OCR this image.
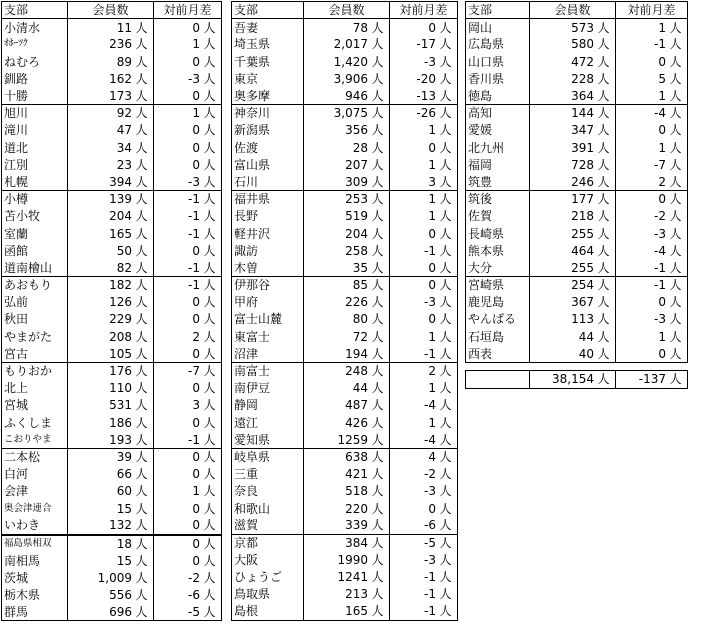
支部	会員数	対前月差
小清水	11 人	0 人
ｵﾎｰﾂｸ	236 人	1 人
ねむろ	89 人	0 人
釧路	162 人	-3 人
十勝	173 人	0 人
旭川	92 人	1 人
滝川	47 人	0 人
道北	34 人	0 人
江別	23 人	0 人
札幌	394 人	-3 人
小樽	139 人	-1 人
苫小牧	204 人	-1 人
室蘭	165 人	-1 人
函館	50 人	0 人
道南檜山	82 人	-1 人
あおもり	182 人	-1 人
弘前	126 人	0 人
秋田	229 人	0 人
やまがた	208 人	2 人
宮古	105 人	0 人
もりおか	176 人	-7 人
北上	110 人	0 人
宮城	531 人	3 人
ふくしま	186 人	0 人
こおりやま	193 人	-1 人
二本松	39 人	0 人
白河	66 人	0 人
会津	60 人	1 人
奥会津連合	15 人	0 人
いわき	132 人	0 人
福島県相双	18 人	0 人
南相馬	15 人	0 人
茨城	1,009 人	-2 人
栃木県	556 人	-6 人
群馬	696 人	-5 人
支部	会員数	対前月差
吾妻	78 人	0 人
埼玉県	2,017 人	-17 人
千葉県	1,420 人	-3 人
東京	3,906 人	-20 人
奥多摩	946 人	-13 人
神奈川	3,075 人	-26 人
新潟県	356 人	1 人
佐渡	28 人	0 人
富山県	207 人	1 人
石川	309 人	3 人
福井県	253 人	1 人
長野	519 人	1 人
軽井沢	204 人	0 人
諏訪	258 人	-1 人
木曽	35 人	0 人
伊那谷	85 人	0 人
甲府	226 人	-3 人
富士山麓	80 人	0 人
東富士	72 人	1 人
沼津	194 人	-1 人
南富士	248 人	2 人
南伊豆	44 人	1 人
静岡	487 人	-4 人
遠江	426 人	1 人
愛知県	1259 人	-4 人
岐阜県	638 人	4 人
三重	421 人	-2 人
奈良	518 人	-3 人
和歌山	220 人	0 人
滋賀	339 人	-6 人
京都	384 人	-5 人
大阪	1990 人	-3 人
ひょうご	1241 人	-1 人
鳥取県	213 人	-1 人
島根	165 人	-1 人
支部	会員数	対前月差
岡山	573 人	1 人
広島県	580 人	-1 人
山口県	472 人	0 人
香川県	228 人	5 人
徳島	364 人	1 人
高知	144 人	-4 人
愛媛	347 人	0 人
北九州	391 人	1 人
福岡	728 人	-7 人
筑豊	246 人	2 人
筑後	177 人	0 人
佐賀	218 人	-2 人
長崎県	255 人	-3 人
熊本県	464 人	-4 人
大分	255 人	-1 人
宮崎県	254 人	-1 人
鹿児島	367 人	0 人
やんばる	113 人	-3 人
石垣島	44 人	1 人
西表	40 人	0 人

	38,154 人	-137 人
